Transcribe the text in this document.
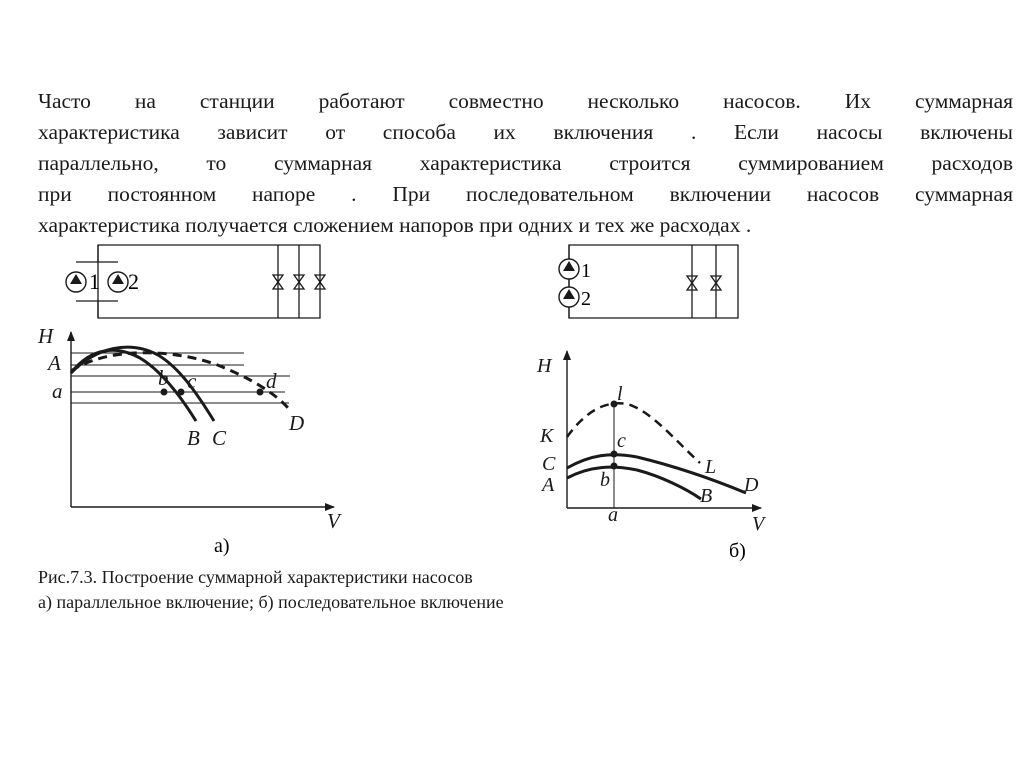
Часто на станции работают совместно несколько насосов. Их суммарная
характеристика зависит от способа их включения . Если насосы включены
параллельно, то суммарная характеристика строится суммированием расходов
при постоянном напоре . При последовательном включении насосов суммарная
характеристика получается сложением напоров при одних и тех же расходах .
1 2
H
V
A
a
b c	d
B C
D
а)
1
2
H
V
l
c
b
K
C
A
L
D
B
a
б)
Рис.7.3. Построение суммарной характеристики насосов
а) параллельное включение; б) последовательное включение
